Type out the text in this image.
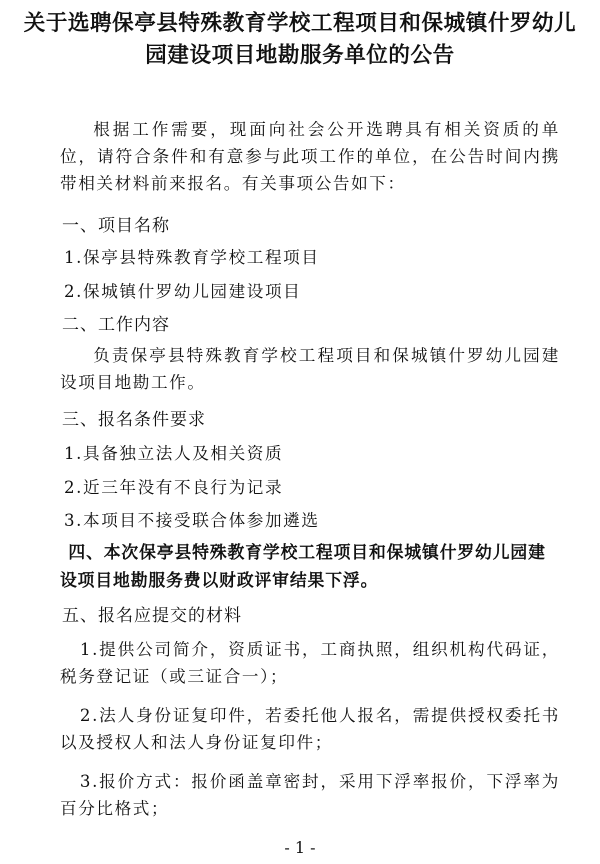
关于选聘保亭县特殊教育学校工程项目和保城镇什罗幼儿园建设项目地勘服务单位的公告
根据工作需要，现面向社会公开选聘具有相关资质的单位，请符合条件和有意参与此项工作的单位，在公告时间内携带相关材料前来报名。有关事项公告如下：
一、项目名称
1.保亭县特殊教育学校工程项目
2.保城镇什罗幼儿园建设项目
二、工作内容
负责保亭县特殊教育学校工程项目和保城镇什罗幼儿园建设项目地勘工作。
三、报名条件要求
1.具备独立法人及相关资质
2.近三年没有不良行为记录
3.本项目不接受联合体参加遴选
四、本次保亭县特殊教育学校工程项目和保城镇什罗幼儿园建设项目地勘服务费以财政评审结果下浮。
五、报名应提交的材料
1.提供公司简介，资质证书，工商执照，组织机构代码证，税务登记证（或三证合一）；
2.法人身份证复印件，若委托他人报名，需提供授权委托书以及授权人和法人身份证复印件；
3.报价方式：报价函盖章密封，采用下浮率报价，下浮率为百分比格式；
- 1 -
